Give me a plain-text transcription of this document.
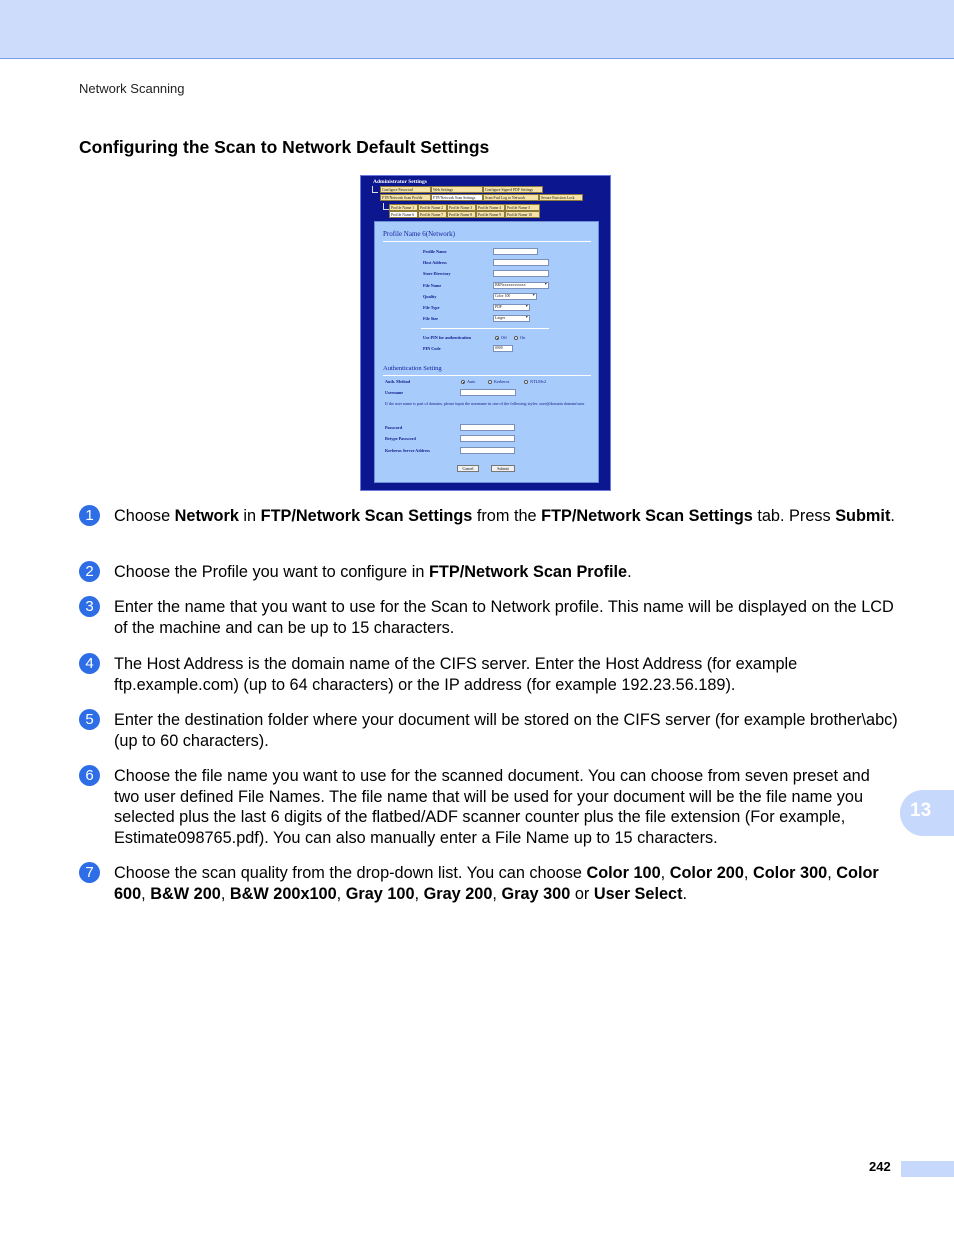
Network Scanning
Configuring the Scan to Network Default Settings
Administrator Settings
Configure Password	Web Settings	Configure Signed PDF Settings
FTP/Network Scan Profile	FTP/Network Scan Settings	Scan Fwd Log to Network	Secure Function Lock
Profile Name 1	Profile Name 2	Profile Name 3	Profile Name 4	Profile Name 5
Profile Name 6	Profile Name 7	Profile Name 8	Profile Name 9	Profile Name 10
Profile Name 6(Network)
Profile Name
Host Address
Store Directory
File Name	BRNxxxxxxxxxxxx ▾
Quality	Color 100 ▾
File Type	PDF ▾
File Size	Larger ▾
Use PIN for authentication	Off	On
PIN Code	0000
Authentication Setting
Auth. Method	Auto	Kerberos	NTLMv2
Username
If the user name is part of domain, please input the username in one of the following styles: user@domain domain\user
Password
Retype Password
Kerberos Server Address
Cancel	Submit
1	Choose Network in FTP/Network Scan Settings from the FTP/Network Scan Settings tab. Press Submit.
2	Choose the Profile you want to configure in FTP/Network Scan Profile.
3	Enter the name that you want to use for the Scan to Network profile. This name will be displayed on the LCD of the machine and can be up to 15 characters.
4	The Host Address is the domain name of the CIFS server. Enter the Host Address (for example ftp.example.com) (up to 64 characters) or the IP address (for example 192.23.56.189).
5	Enter the destination folder where your document will be stored on the CIFS server (for example brother\abc) (up to 60 characters).
6	Choose the file name you want to use for the scanned document. You can choose from seven preset and two user defined File Names. The file name that will be used for your document will be the file name you selected plus the last 6 digits of the flatbed/ADF scanner counter plus the file extension (For example, Estimate098765.pdf). You can also manually enter a File Name up to 15 characters.
7	Choose the scan quality from the drop-down list. You can choose Color 100, Color 200, Color 300, Color 600, B&W 200, B&W 200x100, Gray 100, Gray 200, Gray 300 or User Select.
13
242
